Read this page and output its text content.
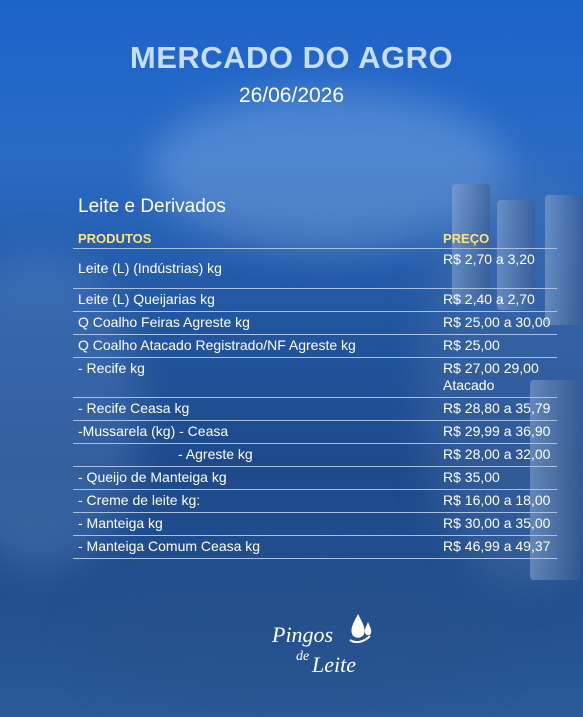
MERCADO DO AGRO

26/06/2026

Leite e Derivados

PRODUTOS	PREÇO
Leite (L) (Indústrias) kg	R$ 2,70 a 3,20
Leite (L) Queijarias kg	R$ 2,40 a 2,70
Q Coalho Feiras Agreste kg	R$ 25,00 a 30,00
Q Coalho Atacado Registrado/NF Agreste kg	R$ 25,00
- Recife kg	R$ 27,00 29,00 Atacado
- Recife Ceasa kg	R$ 28,80 a 35,79
-Mussarela (kg) - Ceasa	R$ 29,99 a 36,90
- Agreste kg	R$ 28,00 a 32,00
- Queijo de Manteiga kg	R$ 35,00
- Creme de leite kg:	R$ 16,00 a 18,00
- Manteiga kg	R$ 30,00 a 35,00
- Manteiga Comum Ceasa kg	R$ 46,99 a 49,37
Pingos
de Leite
